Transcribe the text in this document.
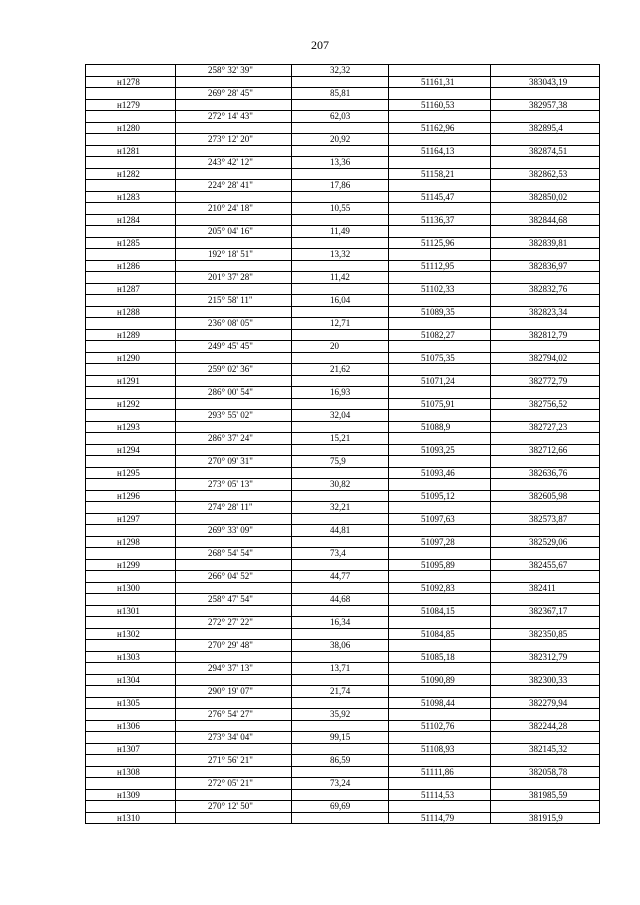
207
	258° 32' 39"	32,32		
н1278			51161,31	383043,19
	269° 28' 45"	85,81		
н1279			51160,53	382957,38
	272° 14' 43"	62,03		
н1280			51162,96	382895,4
	273° 12' 20"	20,92		
н1281			51164,13	382874,51
	243° 42' 12"	13,36		
н1282			51158,21	382862,53
	224° 28' 41"	17,86		
н1283			51145,47	382850,02
	210° 24' 18"	10,55		
н1284			51136,37	382844,68
	205° 04' 16"	11,49		
н1285			51125,96	382839,81
	192° 18' 51"	13,32		
н1286			51112,95	382836,97
	201° 37' 28"	11,42		
н1287			51102,33	382832,76
	215° 58' 11"	16,04		
н1288			51089,35	382823,34
	236° 08' 05"	12,71		
н1289			51082,27	382812,79
	249° 45' 45"	20		
н1290			51075,35	382794,02
	259° 02' 36"	21,62		
н1291			51071,24	382772,79
	286° 00' 54"	16,93		
н1292			51075,91	382756,52
	293° 55' 02"	32,04		
н1293			51088,9	382727,23
	286° 37' 24"	15,21		
н1294			51093,25	382712,66
	270° 09' 31"	75,9		
н1295			51093,46	382636,76
	273° 05' 13"	30,82		
н1296			51095,12	382605,98
	274° 28' 11"	32,21		
н1297			51097,63	382573,87
	269° 33' 09"	44,81		
н1298			51097,28	382529,06
	268° 54' 54"	73,4		
н1299			51095,89	382455,67
	266° 04' 52"	44,77		
н1300			51092,83	382411
	258° 47' 54"	44,68		
н1301			51084,15	382367,17
	272° 27' 22"	16,34		
н1302			51084,85	382350,85
	270° 29' 48"	38,06		
н1303			51085,18	382312,79
	294° 37' 13"	13,71		
н1304			51090,89	382300,33
	290° 19' 07"	21,74		
н1305			51098,44	382279,94
	276° 54' 27"	35,92		
н1306			51102,76	382244,28
	273° 34' 04"	99,15		
н1307			51108,93	382145,32
	271° 56' 21"	86,59		
н1308			51111,86	382058,78
	272° 05' 21"	73,24		
н1309			51114,53	381985,59
	270° 12' 50"	69,69		
н1310			51114,79	381915,9
